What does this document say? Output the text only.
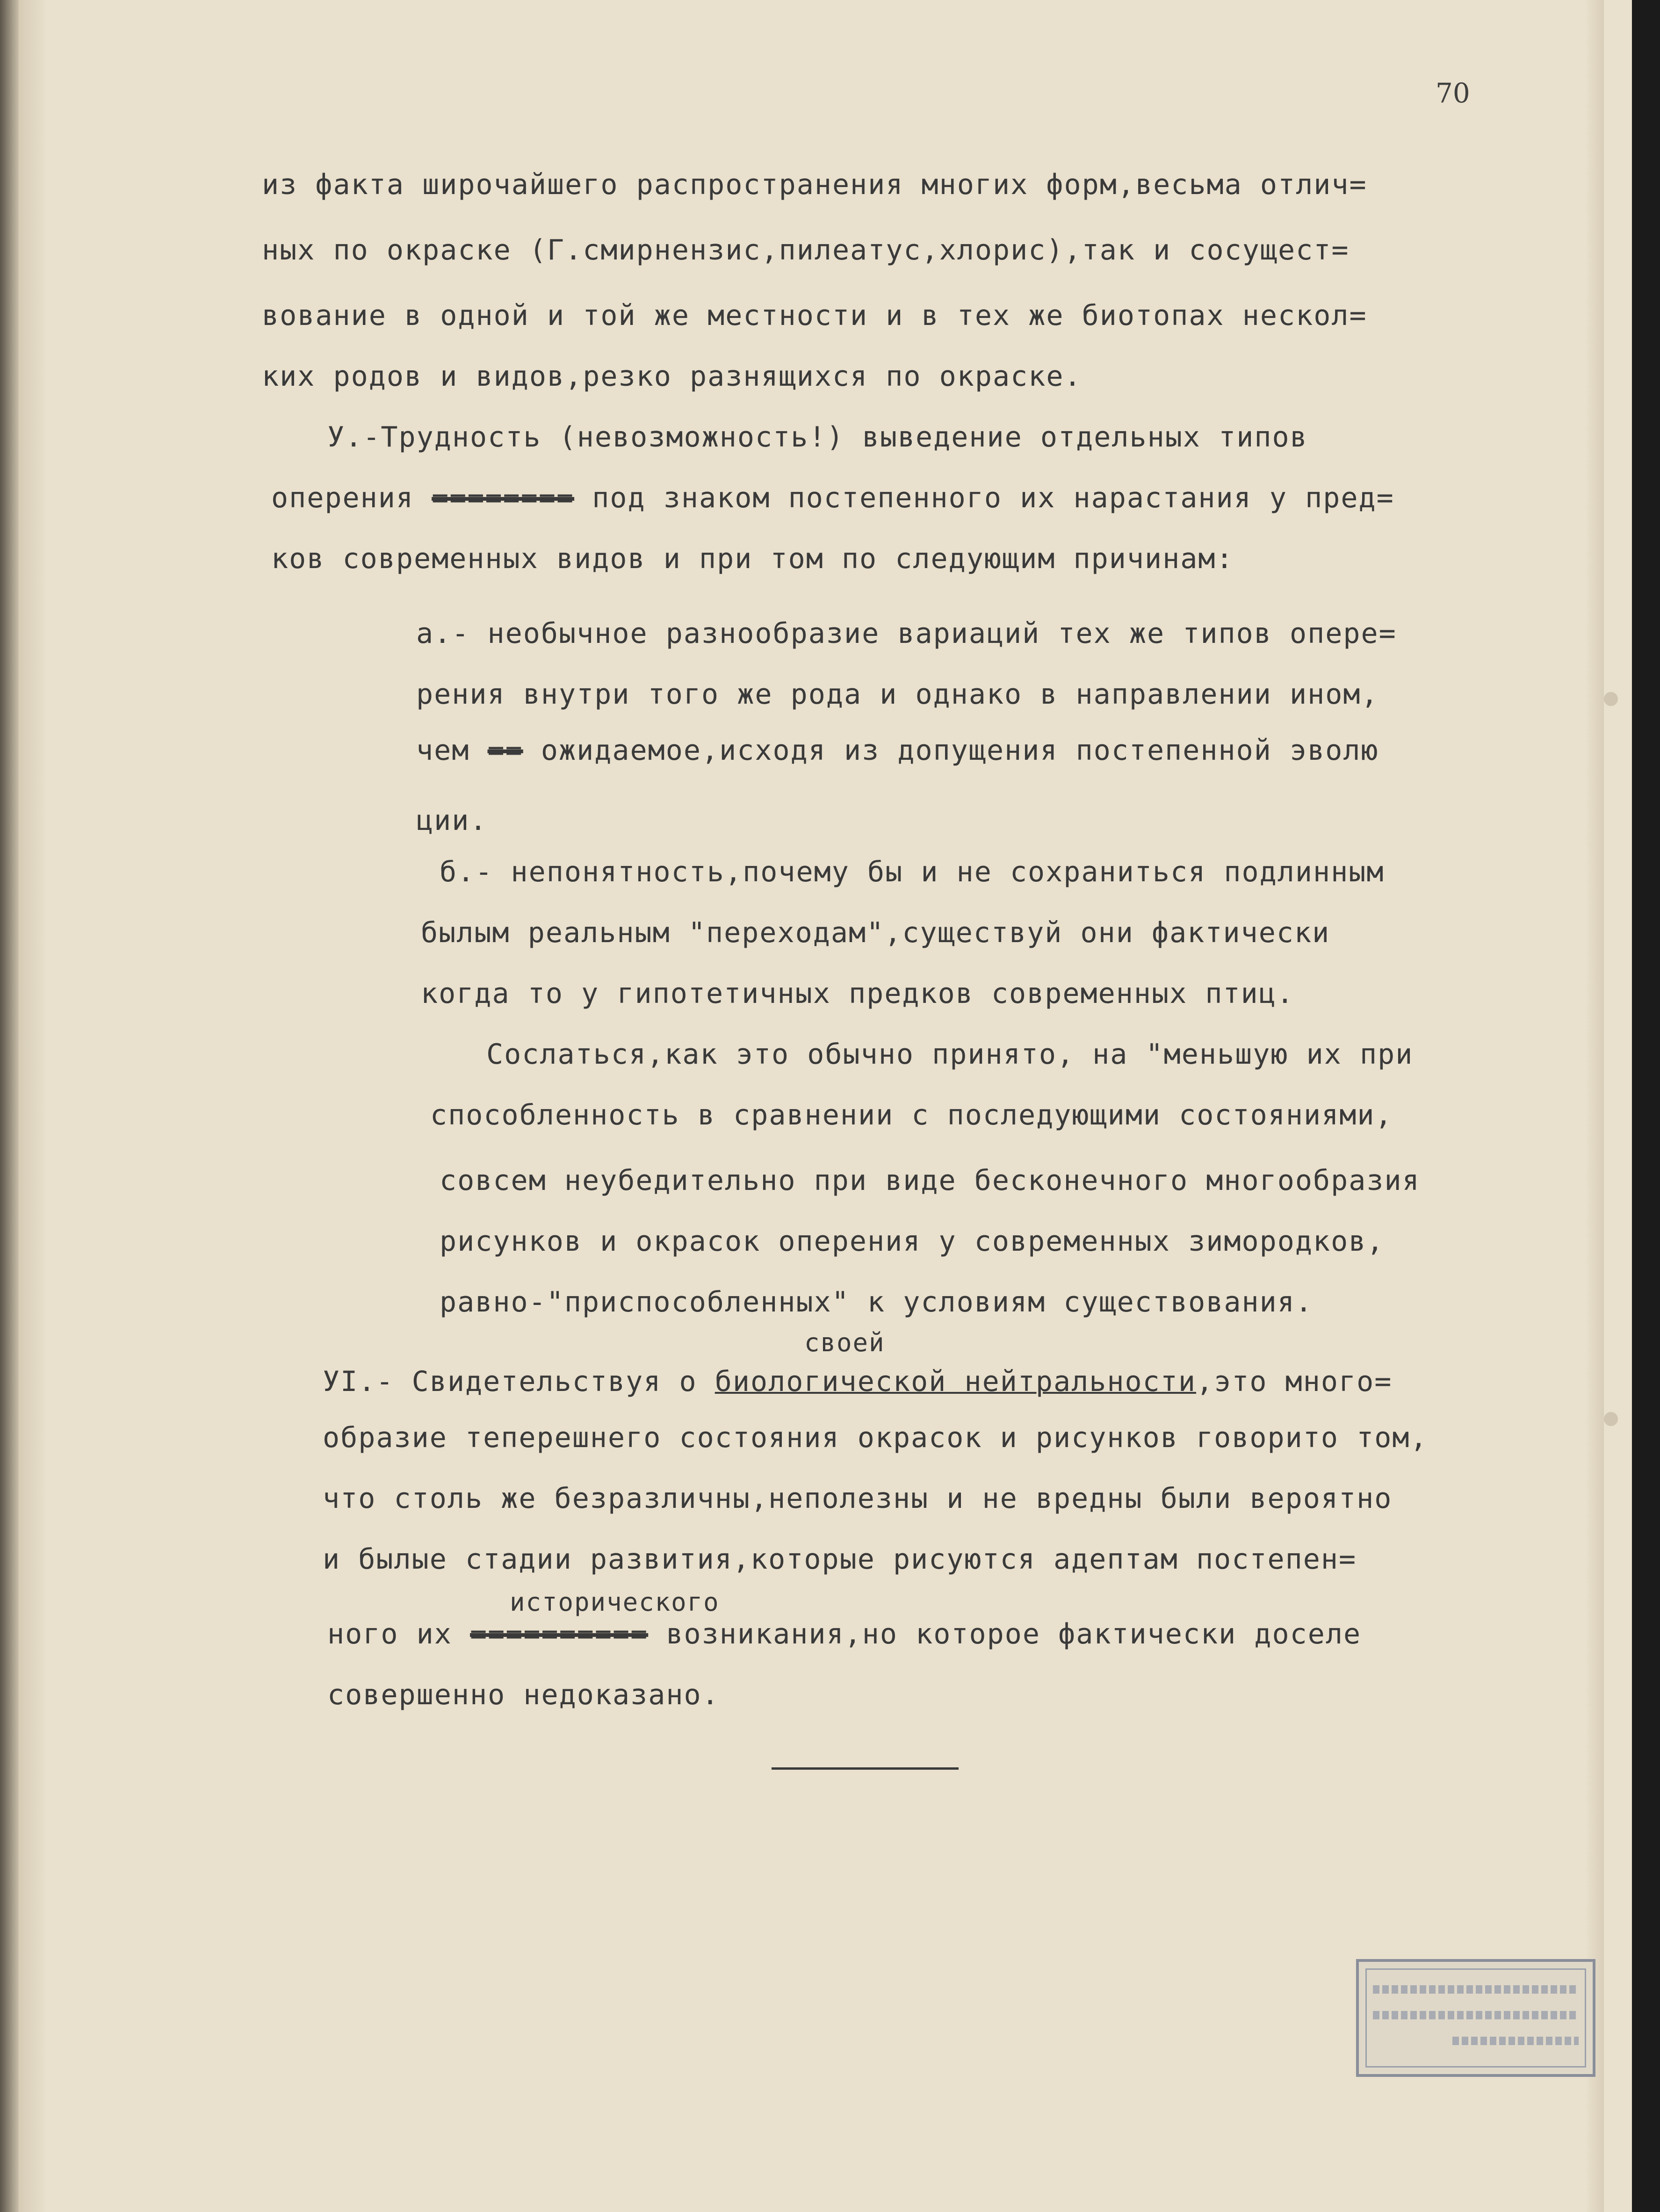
70
из факта широчайшего распространения многих форм,весьма отлич=
ных по окраске (Г.смирнензис,пилеатус,хлорис),так и сосущест=
вование в одной и той же местности и в тех же биотопах нескол=
ких родов и видов,резко разнящихся по окраске.
У.-Трудность (невозможность!) выведение отдельных типов
оперения ======== под знаком постепенного их нарастания у пред=
ков современных видов и при том по следующим причинам:
а.- необычное разнообразие вариаций тех же типов опере=
рения внутри того же рода и однако в направлении ином,
чем == ожидаемое,исходя из допущения постепенной эволю
ции.
б.- непонятность,почему бы и не сохраниться подлинным
былым реальным "переходам",существуй они фактически
когда то у гипотетичных предков современных птиц.
Сослаться,как это обычно принято, на "меньшую их при
способленность в сравнении с последующими состояниями,
совсем неубедительно при виде бесконечного многообразия
рисунков и окрасок оперения у современных зимородков,
равно-"приспособленных" к условиям существования.
своей
УІ.- Свидетельствуя о биологической нейтральности,это много=
образие теперешнего состояния окрасок и рисунков говорито том,
что столь же безразличны,неполезны и не вредны были вероятно
и былые стадии развития,которые рисуются адептам постепен=
исторического
ного их ========== возникания,но которое фактически доселе
совершенно недоказано.
